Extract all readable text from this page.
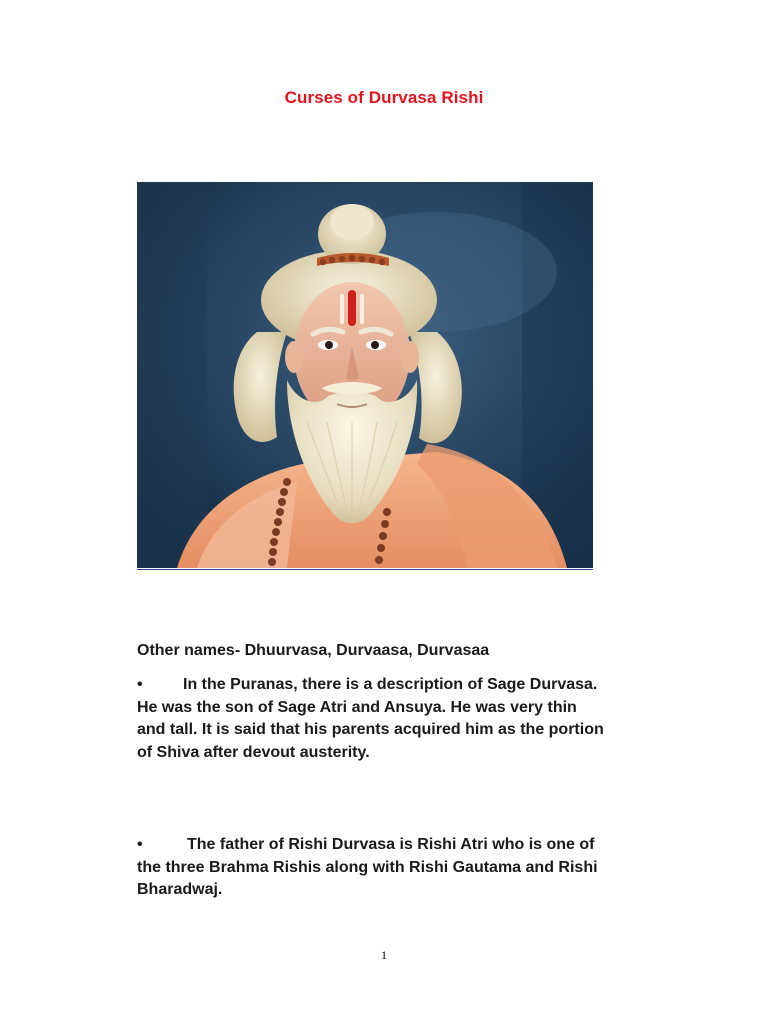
Curses of Durvasa Rishi
Other names- Dhuurvasa, Durvaasa, Durvasaa
•	In the Puranas, there is a description of Sage Durvasa. He was the son of Sage Atri and Ansuya. He was very thin and tall. It is said that his parents acquired him as the portion of Shiva after devout austerity.
•	The father of Rishi Durvasa is Rishi Atri who is one of the three Brahma Rishis along with Rishi Gautama and Rishi Bharadwaj.
1
